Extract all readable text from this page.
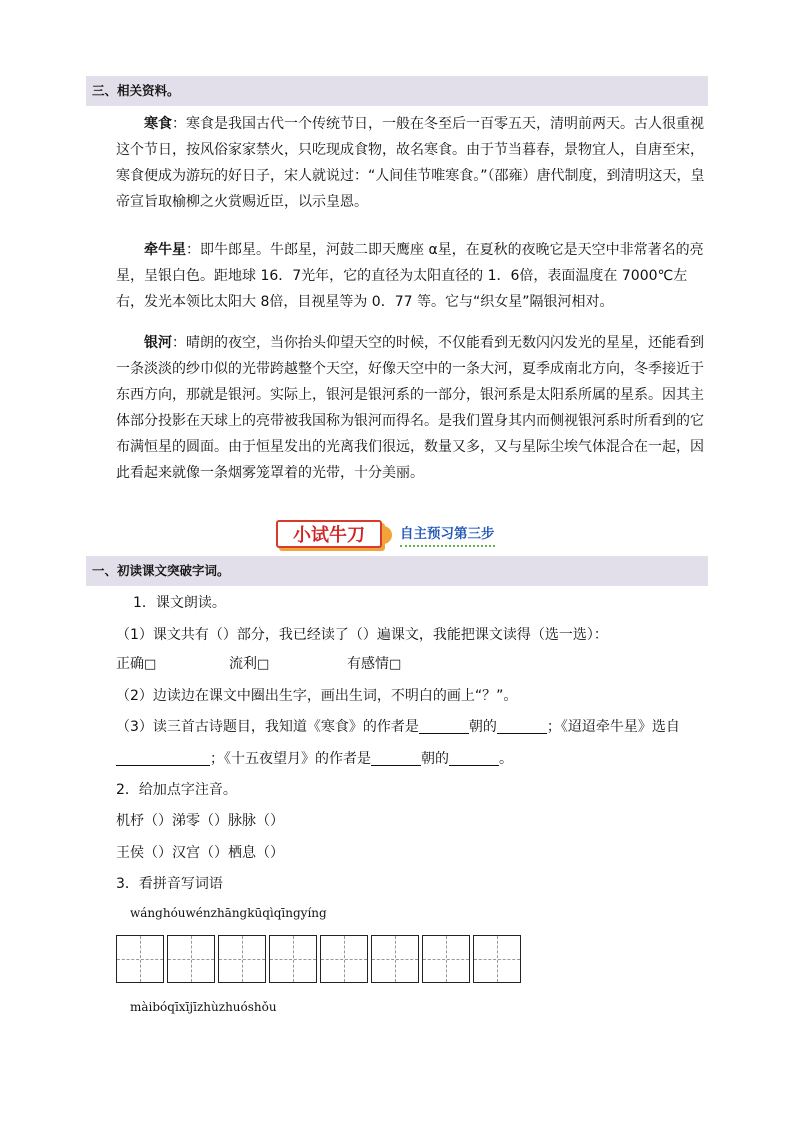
三、相关资料。

寒食：寒食是我国古代一个传统节日，一般在冬至后一百零五天，清明前两天。古人很重视这个节日，按风俗家家禁火，只吃现成食物，故名寒食。由于节当暮春，景物宜人，自唐至宋，寒食便成为游玩的好日子，宋人就说过：“人间佳节唯寒食。”（邵雍）唐代制度，到清明这天，皇帝宣旨取榆柳之火赏赐近臣，以示皇恩。

牵牛星：即牛郎星。牛郎星，河鼓二即天鹰座 α星，在夏秋的夜晚它是天空中非常著名的亮星，呈银白色。距地球 16．7光年，它的直径为太阳直径的 1．6倍，表面温度在 7000℃左右，发光本领比太阳大 8倍，目视星等为 0．77 等。它与“织女星”隔银河相对。

银河：晴朗的夜空，当你抬头仰望天空的时候，不仅能看到无数闪闪发光的星星，还能看到一条淡淡的纱巾似的光带跨越整个天空，好像天空中的一条大河，夏季成南北方向，冬季接近于东西方向，那就是银河。实际上，银河是银河系的一部分，银河系是太阳系所属的星系。因其主体部分投影在天球上的亮带被我国称为银河而得名。是我们置身其内而侧视银河系时所看到的它布满恒星的圆面。由于恒星发出的光离我们很远，数量又多，又与星际尘埃气体混合在一起，因此看起来就像一条烟雾笼罩着的光带，十分美丽。

小试牛刀	自主预习第三步
一、初读课文突破字词。
1．课文朗读。
（1）课文共有（）部分，我已经读了（）遍课文，我能把课文读得（选一选）：
正确□	流利□	有感情□
（2）边读边在课文中圈出生字，画出生词，不明白的画上“？”。
（3）读三首古诗题目，我知道《寒食》的作者是	朝的	；《迢迢牵牛星》选自
；《十五夜望月》的作者是	朝的	。
2．给加点字注音。
机杼（）涕零（）脉脉（）
王侯（）汉宫（）栖息（）
3．看拼音写词语
wánghóuwénzhāngkūqìqīngyíng
màibóqīxījīzhùzhuóshǒu
